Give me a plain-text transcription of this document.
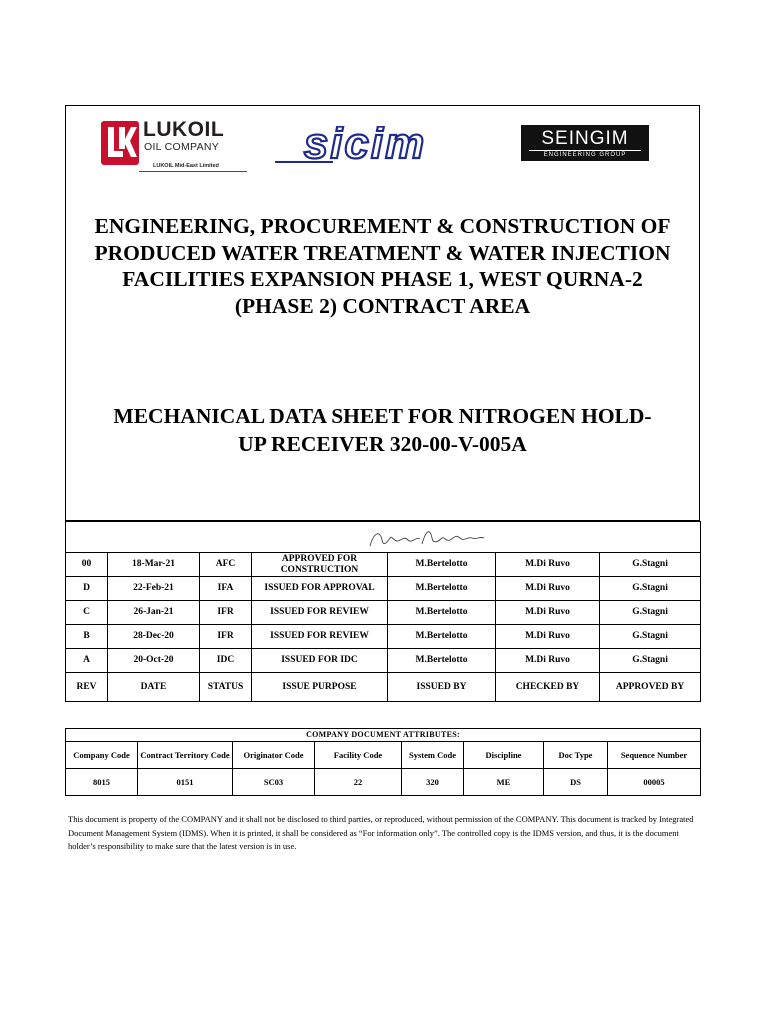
LUKOIL
OIL COMPANY
LUKOIL Mid-East Limited sicim	SEINGIM
ENGINEERING GROUP
ENGINEERING, PROCUREMENT & CONSTRUCTION OF
PRODUCED WATER TREATMENT & WATER INJECTION
FACILITIES EXPANSION PHASE 1, WEST QURNA-2
(PHASE 2) CONTRACT AREA
MECHANICAL DATA SHEET FOR NITROGEN HOLD-
UP RECEIVER 320-00-V-005A

00	18-Mar-21	AFC	APPROVED FOR CONSTRUCTION	M.Bertelotto	M.Di Ruvo	G.Stagni
D	22-Feb-21	IFA	ISSUED FOR APPROVAL	M.Bertelotto	M.Di Ruvo	G.Stagni
C	26-Jan-21	IFR	ISSUED FOR REVIEW	M.Bertelotto	M.Di Ruvo	G.Stagni
B	28-Dec-20	IFR	ISSUED FOR REVIEW	M.Bertelotto	M.Di Ruvo	G.Stagni
A	20-Oct-20	IDC	ISSUED FOR IDC	M.Bertelotto	M.Di Ruvo	G.Stagni
REV	DATE	STATUS	ISSUE PURPOSE	ISSUED BY	CHECKED BY	APPROVED BY
COMPANY DOCUMENT ATTRIBUTES:							
Company Code	Contract Territory Code	Originator Code	Facility Code	System Code	Discipline	Doc Type	Sequence Number
8015	0151	SC03	22	320	ME	DS	00005
This document is property of the COMPANY and it shall not be disclosed to third parties, or reproduced, without permission of the COMPANY. This document is tracked by Integrated Document Management System (IDMS). When it is printed, it shall be considered as “For information only”. The controlled copy is the IDMS version, and thus, it is the document holder’s responsibility to make sure that the latest version is in use.
